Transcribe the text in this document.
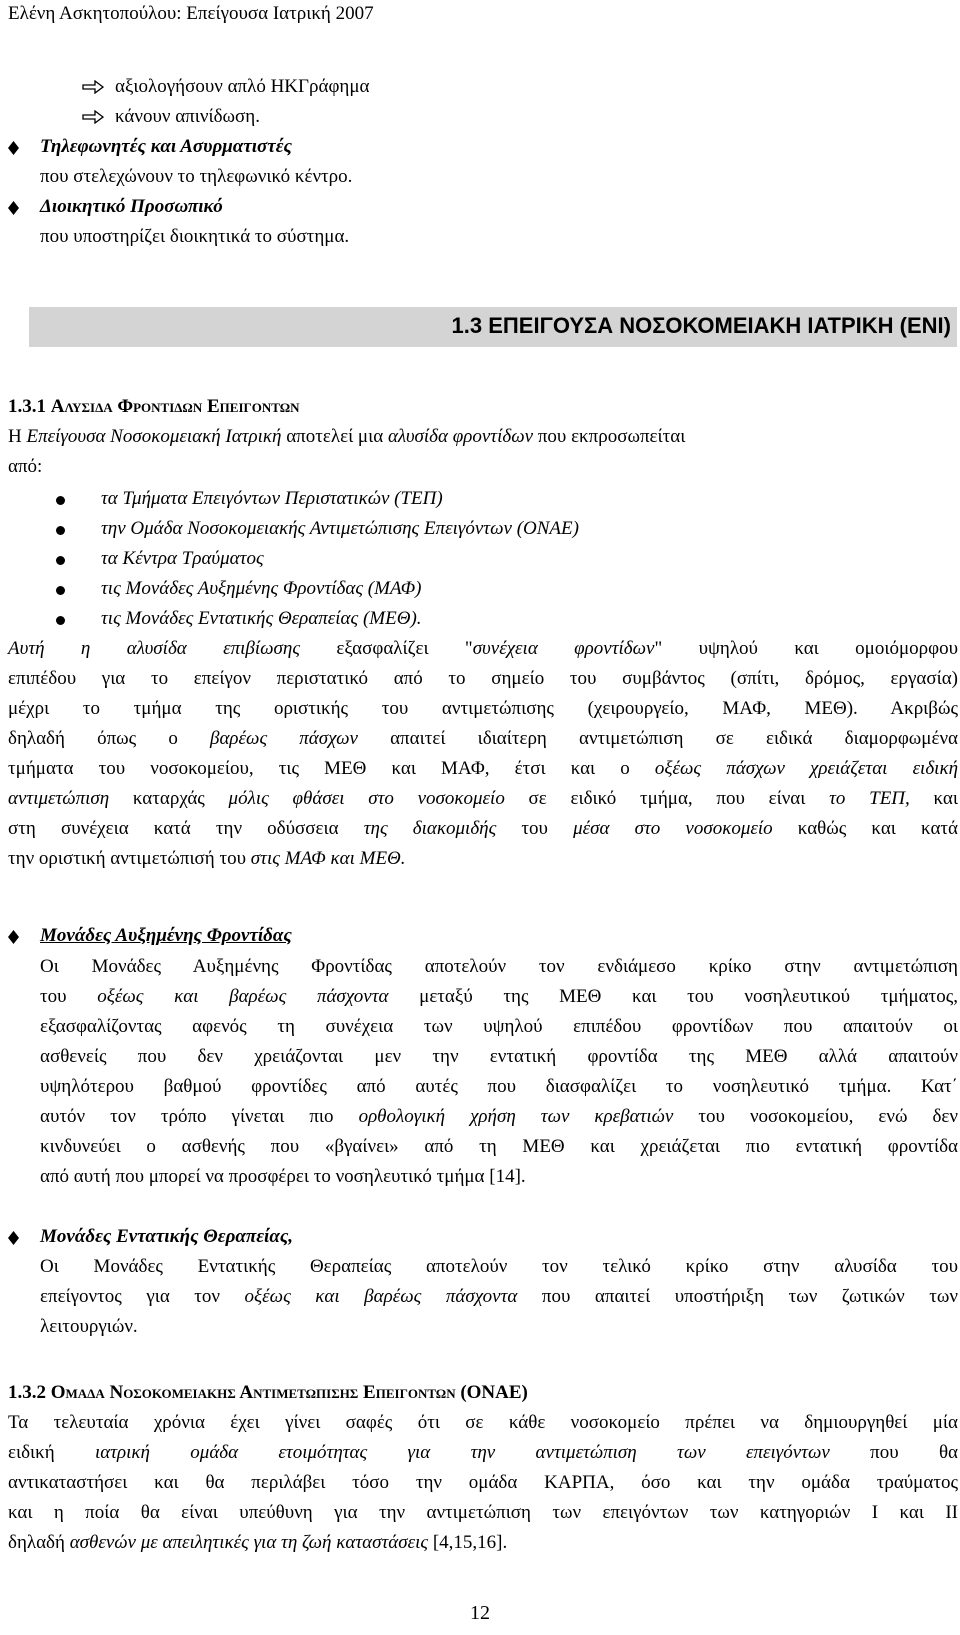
Ελένη Ασκητοπούλου: Επείγουσα Ιατρική 2007
αξιολογήσουν απλό ΗΚΓράφημα
κάνουν απινίδωση.
Τηλεφωνητές και Ασυρματιστές
που στελεχώνουν το τηλεφωνικό κέντρο.
Διοικητικό Προσωπικό
που υποστηρίζει διοικητικά το σύστημα.
1.3 ΕΠΕΙΓΟΥΣΑ ΝΟΣΟΚΟΜΕΙΑΚΗ ΙΑΤΡΙΚΗ (ΕΝΙ)
1.3.1 Αλυσιδα Φροντιδων Επειγοντων
Η Επείγουσα Νοσοκομειακή Ιατρική αποτελεί μια αλυσίδα φροντίδων που εκπροσωπείται
από:
τα Τμήματα Επειγόντων Περιστατικών (ΤΕΠ)
την Ομάδα Νοσοκομειακής Αντιμετώπισης Επειγόντων (ΟΝΑΕ)
τα Κέντρα Τραύματος
τις Μονάδες Αυξημένης Φροντίδας (ΜΑΦ)
τις Μονάδες Εντατικής Θεραπείας (ΜΕΘ).
Αυτή η αλυσίδα επιβίωσης εξασφαλίζει "συνέχεια φροντίδων" υψηλού και ομοιόμορφου
επιπέδου για το επείγον περιστατικό από το σημείο του συμβάντος (σπίτι, δρόμος, εργασία)
μέχρι το τμήμα της οριστικής του αντιμετώπισης (χειρουργείο, ΜΑΦ, ΜΕΘ). Ακριβώς
δηλαδή όπως ο βαρέως πάσχων απαιτεί ιδιαίτερη αντιμετώπιση σε ειδικά διαμορφωμένα
τμήματα του νοσοκομείου, τις ΜΕΘ και ΜΑΦ, έτσι και ο οξέως πάσχων χρειάζεται ειδική
αντιμετώπιση καταρχάς μόλις φθάσει στο νοσοκομείο σε ειδικό τμήμα, που είναι το ΤΕΠ, και
στη συνέχεια κατά την οδύσσεια της διακομιδής του μέσα στο νοσοκομείο καθώς και κατά
την οριστική αντιμετώπισή του στις ΜΑΦ και ΜΕΘ.
Μονάδες Αυξημένης Φροντίδας
Οι Μονάδες Αυξημένης Φροντίδας αποτελούν τον ενδιάμεσο κρίκο στην αντιμετώπιση
του οξέως και βαρέως πάσχοντα μεταξύ της ΜΕΘ και του νοσηλευτικού τμήματος,
εξασφαλίζοντας αφενός τη συνέχεια των υψηλού επιπέδου φροντίδων που απαιτούν οι
ασθενείς που δεν χρειάζονται μεν την εντατική φροντίδα της ΜΕΘ αλλά απαιτούν
υψηλότερου βαθμού φροντίδες από αυτές που διασφαλίζει το νοσηλευτικό τμήμα. Κατ΄
αυτόν τον τρόπο γίνεται πιο ορθολογική χρήση των κρεβατιών του νοσοκομείου, ενώ δεν
κινδυνεύει ο ασθενής που «βγαίνει» από τη ΜΕΘ και χρειάζεται πιο εντατική φροντίδα
από αυτή που μπορεί να προσφέρει το νοσηλευτικό τμήμα [14].
Μονάδες Εντατικής Θεραπείας,
Οι Μονάδες Εντατικής Θεραπείας αποτελούν τον τελικό κρίκο στην αλυσίδα του
επείγοντος για τον οξέως και βαρέως πάσχοντα που απαιτεί υποστήριξη των ζωτικών των
λειτουργιών.
1.3.2 Ομαδα Νοσοκομειακης Αντιμετωπισης Επειγοντων (ΟΝΑΕ)
Τα τελευταία χρόνια έχει γίνει σαφές ότι σε κάθε νοσοκομείο πρέπει να δημιουργηθεί μία
ειδική ιατρική ομάδα ετοιμότητας για την αντιμετώπιση των επειγόντων που θα
αντικαταστήσει και θα περιλάβει τόσο την ομάδα ΚΑΡΠΑ, όσο και την ομάδα τραύματος
και η ποία θα είναι υπεύθυνη για την αντιμετώπιση των επειγόντων των κατηγοριών Ι και ΙΙ
δηλαδή ασθενών με απειλητικές για τη ζωή καταστάσεις [4,15,16].
12
